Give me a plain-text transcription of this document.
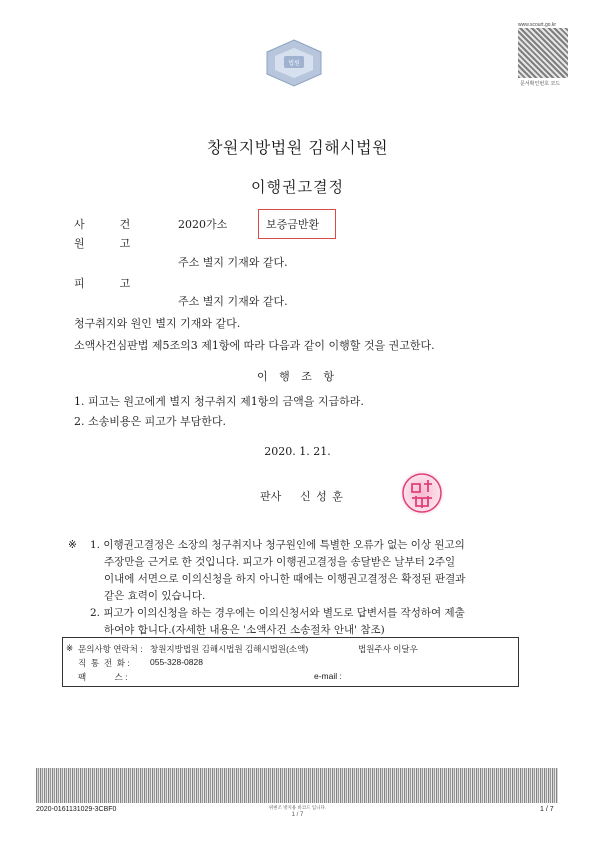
법원
www.scourt.go.kr
문서확인번호 코드
창원지방법원 김해시법원
이행권고결정
사          건	2020가소	보증금반환
원          고
주소 별지 기재와 같다.
피          고
주소 별지 기재와 같다.
청구취지와 원인 별지 기재와 같다.
소액사건심판법 제5조의3 제1항에 따라 다음과 같이 이행할 것을 권고한다.
이 행 조 항
1. 피고는 원고에게 별지 청구취지 제1항의 금액을 지급하라.
2. 소송비용은 피고가 부담한다.
2020. 1. 21.
판사 신 성 훈
※ 1. 이행권고결정은 소장의 청구취지나 청구원인에 특별한 오류가 없는 이상 원고의
주장만을 근거로 한 것입니다. 피고가 이행권고결정을 송달받은 날부터 2주일
이내에 서면으로 이의신청을 하지 아니한 때에는 이행권고결정은 확정된 판결과
같은 효력이 있습니다.
2. 피고가 이의신청을 하는 경우에는 이의신청서와 별도로 답변서를 작성하여 제출
하여야 합니다.(자세한 내용은 '소액사건 소송절차 안내' 참조)
※ 문의사항 연락처 : 창원지방법원 김해시법원 김해시법원(소액)	법원주사 이달우
직  통  전  화 : 055-328-0828
팩            스 :	e-mail :
2020-0161131029-3CBF0	위변조 방지용 바코드 입니다.
1 / 7
1 / 7
